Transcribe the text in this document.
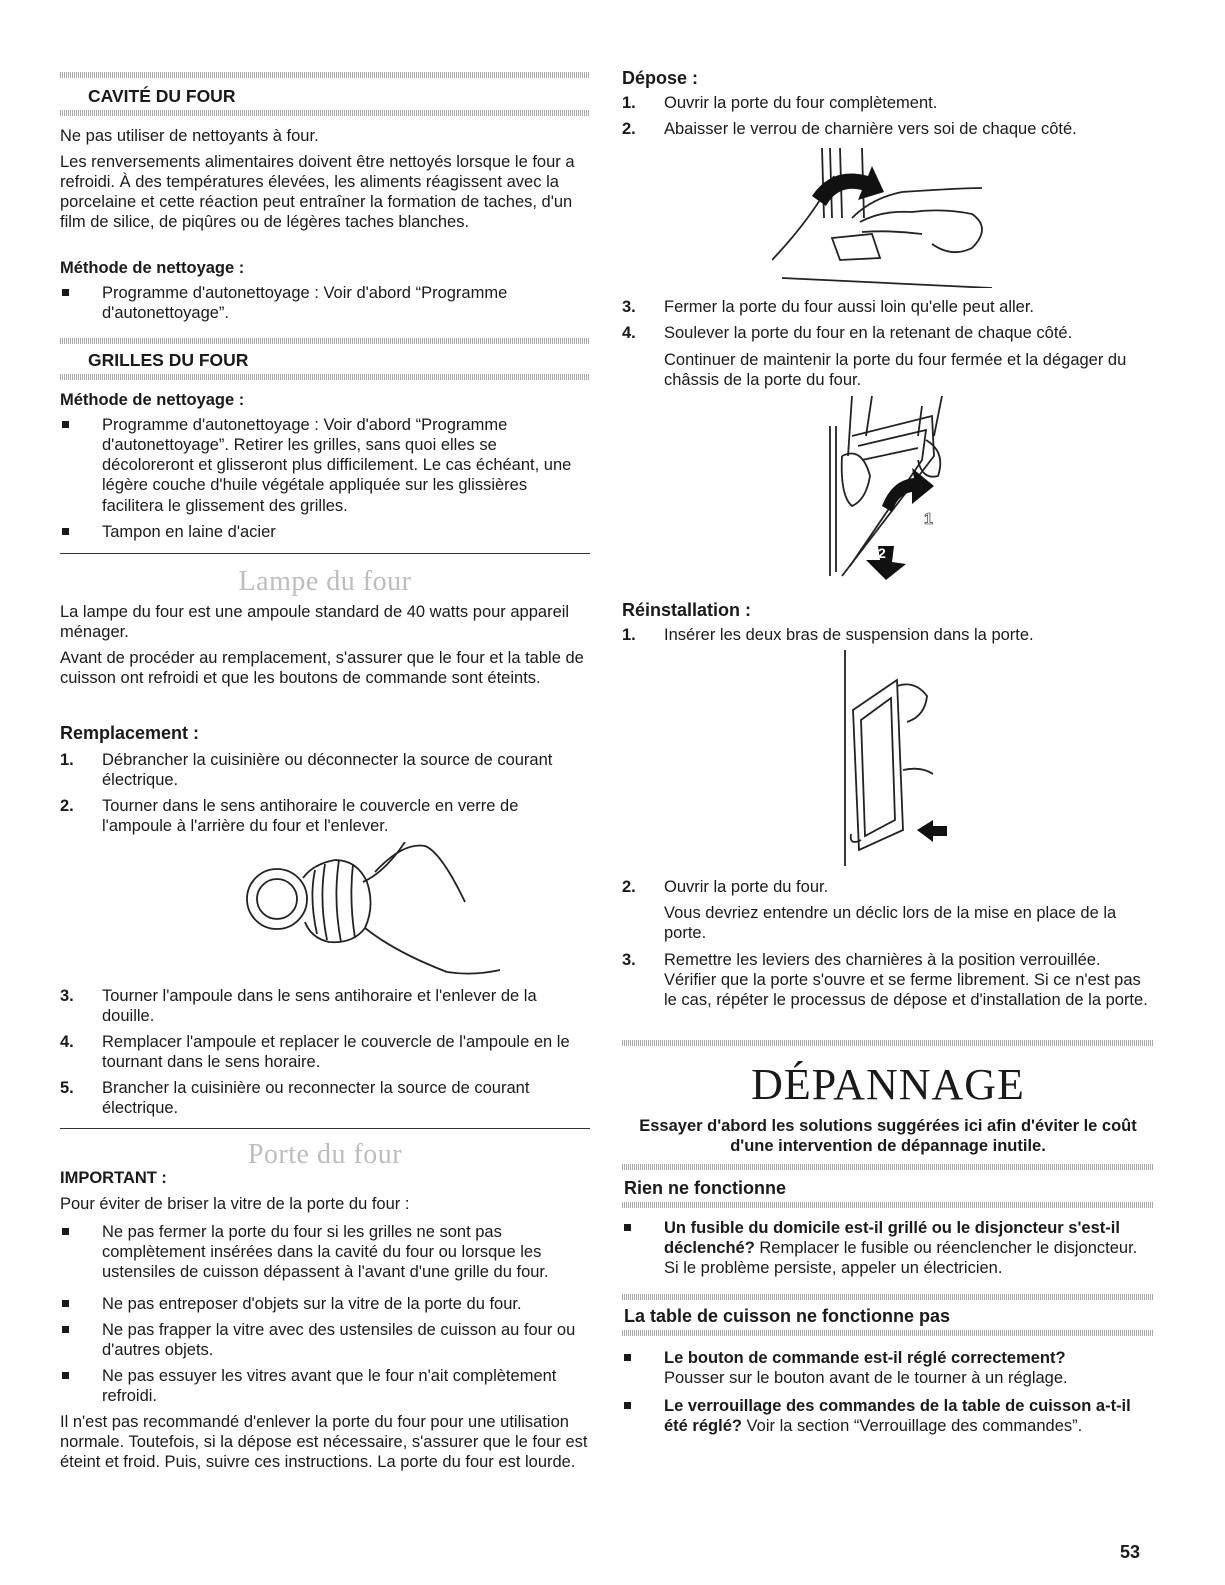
CAVITÉ DU FOUR

Ne pas utiliser de nettoyants à four.

Les renversements alimentaires doivent être nettoyés lorsque le four a refroidi. À des températures élevées, les aliments réagissent avec la porcelaine et cette réaction peut entraîner la formation de taches, d'un film de silice, de piqûres ou de légères taches blanches.

Méthode de nettoyage :
Programme d'autonettoyage : Voir d'abord “Programme d'autonettoyage”.
GRILLES DU FOUR
Méthode de nettoyage :
Programme d'autonettoyage : Voir d'abord “Programme d'autonettoyage”. Retirer les grilles, sans quoi elles se décoloreront et glisseront plus difficilement. Le cas échéant, une légère couche d'huile végétale appliquée sur les glissières facilitera le glissement des grilles.
Tampon en laine d'acier
Lampe du four

La lampe du four est une ampoule standard de 40 watts pour appareil ménager.

Avant de procéder au remplacement, s'assurer que le four et la table de cuisson ont refroidi et que les boutons de commande sont éteints.

Remplacement :
1. Débrancher la cuisinière ou déconnecter la source de courant électrique.
2. Tourner dans le sens antihoraire le couvercle en verre de l'ampoule à l'arrière du four et l'enlever.
3. Tourner l'ampoule dans le sens antihoraire et l'enlever de la douille.
4. Remplacer l'ampoule et replacer le couvercle de l'ampoule en le tournant dans le sens horaire.
5. Brancher la cuisinière ou reconnecter la source de courant électrique.
Porte du four
IMPORTANT :

Pour éviter de briser la vitre de la porte du four :

Ne pas fermer la porte du four si les grilles ne sont pas complètement insérées dans la cavité du four ou lorsque les ustensiles de cuisson dépassent à l'avant d'une grille du four.
Ne pas entreposer d'objets sur la vitre de la porte du four.
Ne pas frapper la vitre avec des ustensiles de cuisson au four ou d'autres objets.
Ne pas essuyer les vitres avant que le four n'ait complètement refroidi.

Il n'est pas recommandé d'enlever la porte du four pour une utilisation normale. Toutefois, si la dépose est nécessaire, s'assurer que le four est éteint et froid. Puis, suivre ces instructions. La porte du four est lourde.

Dépose :
1. Ouvrir la porte du four complètement.
2. Abaisser le verrou de charnière vers soi de chaque côté.
3. Fermer la porte du four aussi loin qu'elle peut aller.
4. Soulever la porte du four en la retenant de chaque côté.
Continuer de maintenir la porte du four fermée et la dégager du châssis de la porte du four.
1
2
Réinstallation :
1. Insérer les deux bras de suspension dans la porte.
2. Ouvrir la porte du four.
Vous devriez entendre un déclic lors de la mise en place de la porte.
3. Remettre les leviers des charnières à la position verrouillée. Vérifier que la porte s'ouvre et se ferme librement. Si ce n'est pas le cas, répéter le processus de dépose et d'installation de la porte.
DÉPANNAGE
Essayer d'abord les solutions suggérées ici afin d'éviter le coût d'une intervention de dépannage inutile.
Rien ne fonctionne
Un fusible du domicile est-il grillé ou le disjoncteur s'est-il déclenché? Remplacer le fusible ou réenclencher le disjoncteur. Si le problème persiste, appeler un électricien.
La table de cuisson ne fonctionne pas
Le bouton de commande est-il réglé correctement?
Pousser sur le bouton avant de le tourner à un réglage.
Le verrouillage des commandes de la table de cuisson a-t-il été réglé? Voir la section “Verrouillage des commandes”.
53
